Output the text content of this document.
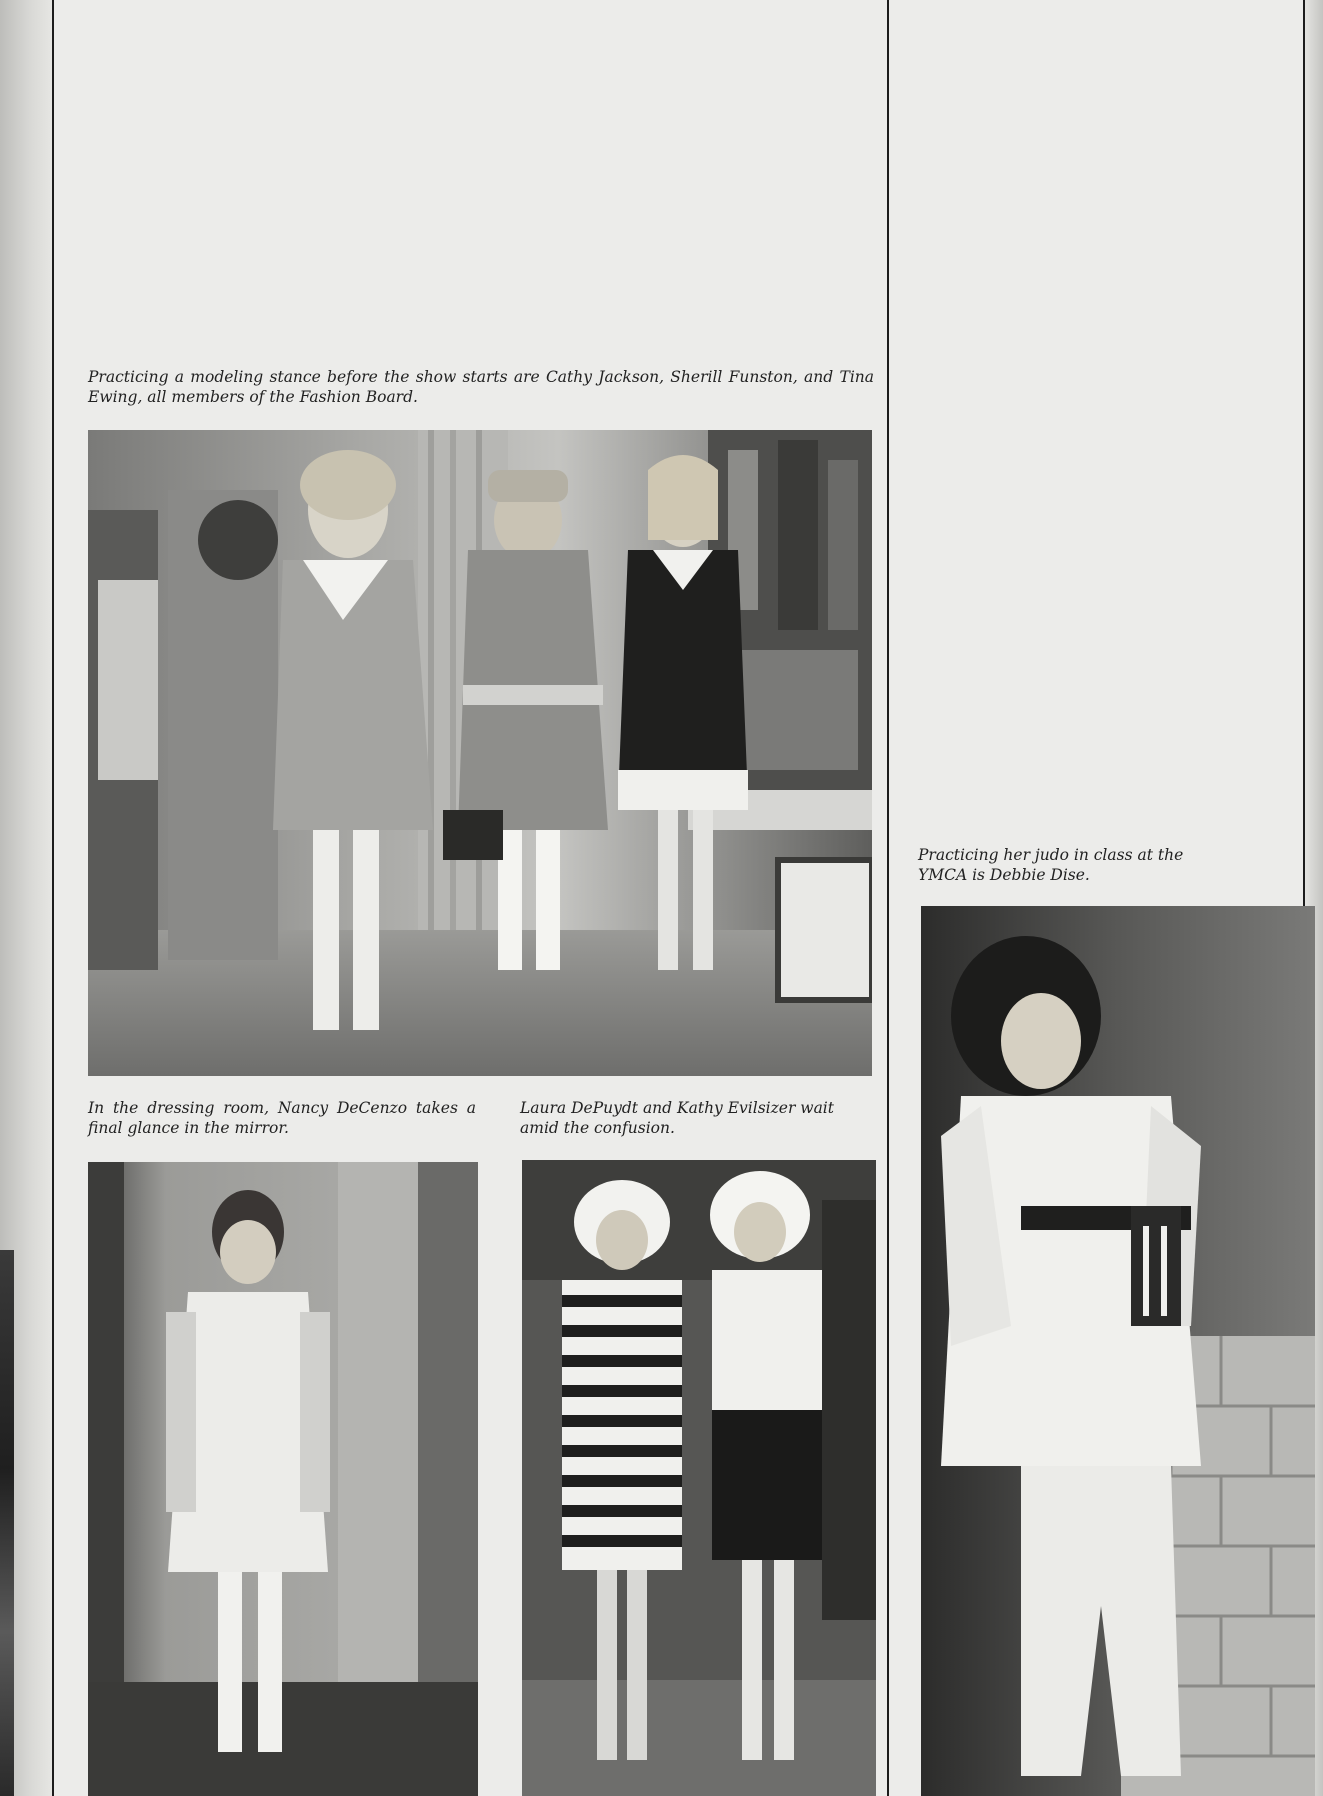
Practicing a modeling stance before the show starts are Cathy Jackson, Sherill Funston, and Tina Ewing, all members of the Fashion Board.

In the dressing room, Nancy DeCenzo takes a final glance in the mirror.

Laura DePuydt and Kathy Evilsizer wait amid the confusion.

Practicing her judo in class at the YMCA is Debbie Dise.
